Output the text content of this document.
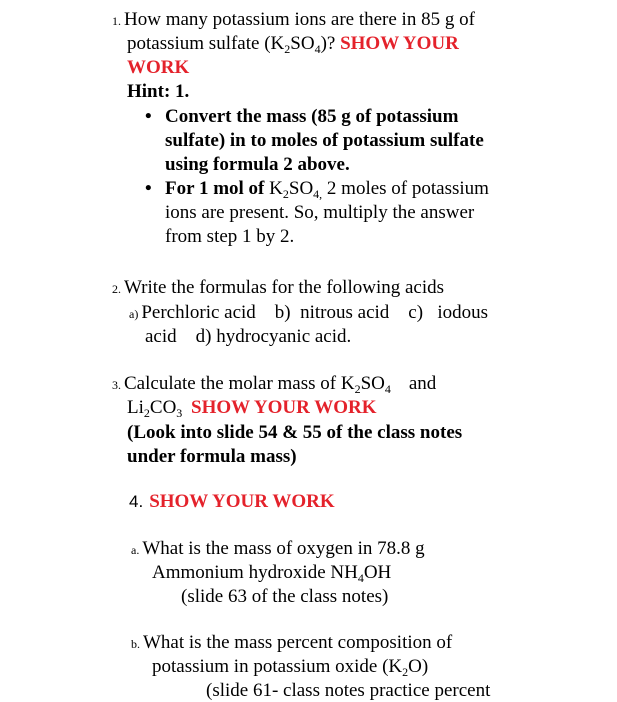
1. How many potassium ions are there in 85 g of
potassium sulfate $(K_2SO_4)$? SHOW YOUR
WORK
Hint: 1.
• Convert the mass (85 g of potassium
sulfate) in to moles of potassium sulfate
using formula 2 above.
• For 1 mol of $K_2SO_{4,}$ 2 moles of potassium
ions are present. So, multiply the answer
from step 1 by 2.
2. Write the formulas for the following acids
a) Perchloric acid    b)  nitrous acid    c)   iodous
acid    d) hydrocyanic acid.
3. Calculate the molar mass of $K_2SO_4$ and
$Li_2CO_3$ SHOW YOUR WORK
(Look into slide 54 & 55 of the class notes
under formula mass)
4. SHOW YOUR WORK
a. What is the mass of oxygen in 78.8 g
Ammonium hydroxide $NH_4OH$
(slide 63 of the class notes)
b. What is the mass percent composition of
potassium in potassium oxide $(K_2O)$
(slide 61- class notes practice percent
